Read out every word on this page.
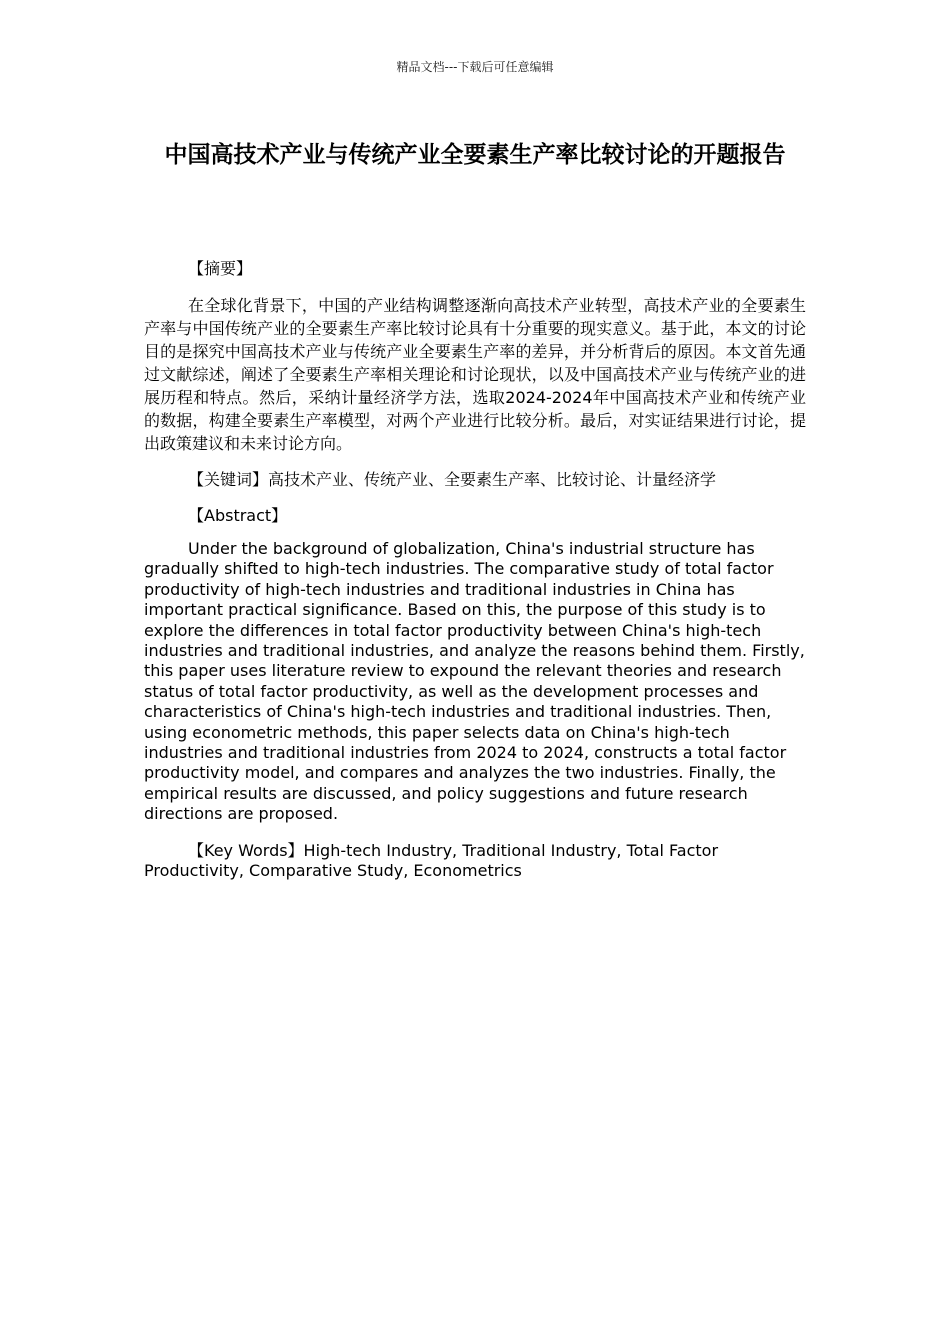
精品文档---下载后可任意编辑
中国高技术产业与传统产业全要素生产率比较讨论的开题报告

【摘要】

在全球化背景下，中国的产业结构调整逐渐向高技术产业转型，高技术产业的全要素生产率与中国传统产业的全要素生产率比较讨论具有十分重要的现实意义。基于此，本文的讨论目的是探究中国高技术产业与传统产业全要素生产率的差异，并分析背后的原因。本文首先通过文献综述，阐述了全要素生产率相关理论和讨论现状，以及中国高技术产业与传统产业的进展历程和特点。然后，采纳计量经济学方法，选取2024-2024年中国高技术产业和传统产业的数据，构建全要素生产率模型，对两个产业进行比较分析。最后，对实证结果进行讨论，提出政策建议和未来讨论方向。

【关键词】高技术产业、传统产业、全要素生产率、比较讨论、计量经济学

【Abstract】

Under the background of globalization, China's industrial structure has gradually shifted to high-tech industries. The comparative study of total factor productivity of high-tech industries and traditional industries in China has important practical significance. Based on this, the purpose of this study is to explore the differences in total factor productivity between China's high-tech industries and traditional industries, and analyze the reasons behind them. Firstly, this paper uses literature review to expound the relevant theories and research status of total factor productivity, as well as the development processes and characteristics of China's high-tech industries and traditional industries. Then, using econometric methods, this paper selects data on China's high-tech industries and traditional industries from 2024 to 2024, constructs a total factor productivity model, and compares and analyzes the two industries. Finally, the empirical results are discussed, and policy suggestions and future research directions are proposed.

【Key Words】High-tech Industry, Traditional Industry, Total Factor Productivity, Comparative Study, Econometrics
